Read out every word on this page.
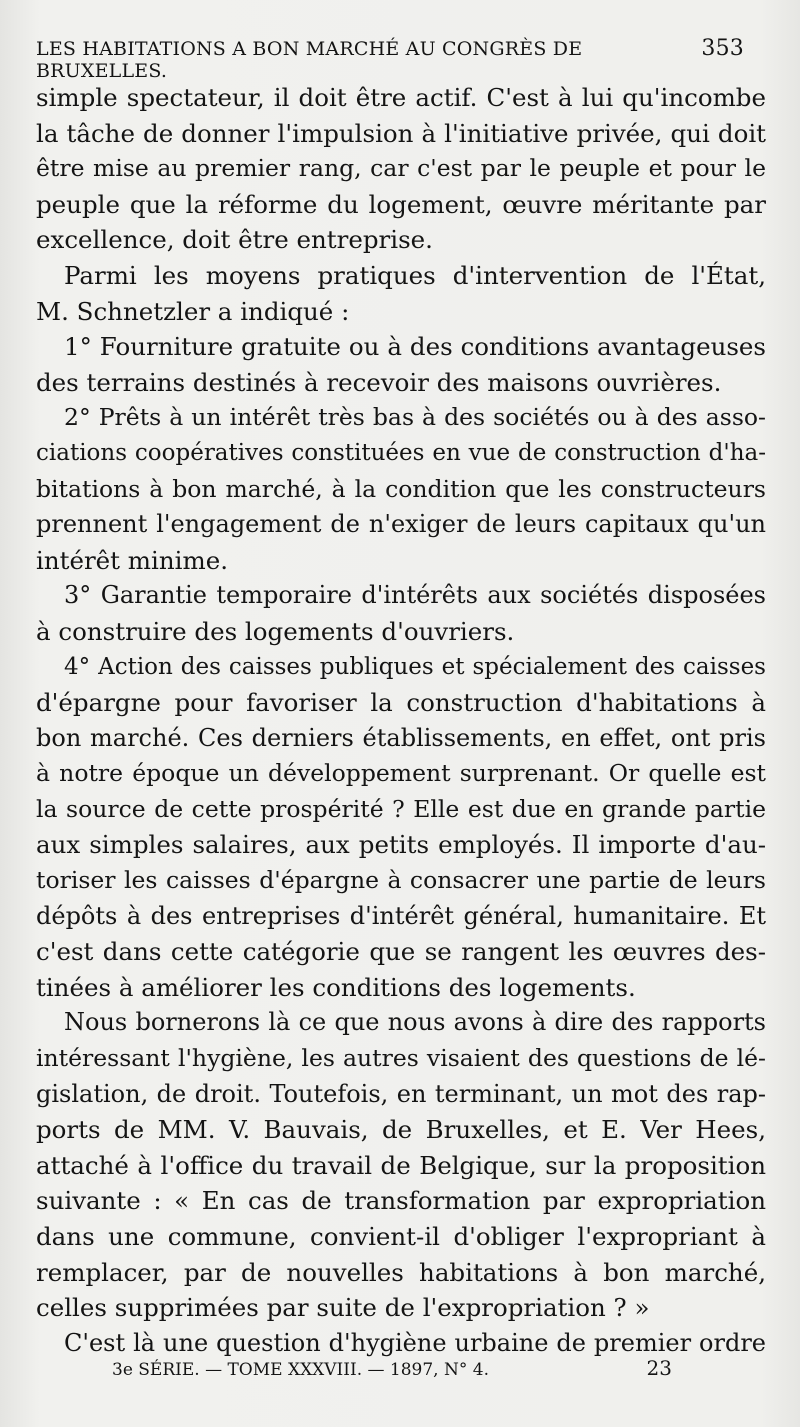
LES HABITATIONS A BON MARCHÉ AU CONGRÈS DE BRUXELLES.
353
simple spectateur, il doit être actif. C'est à lui qu'incombe
la tâche de donner l'impulsion à l'initiative privée, qui doit
être mise au premier rang, car c'est par le peuple et pour le
peuple que la réforme du logement, œuvre méritante par
excellence, doit être entreprise.
Parmi les moyens pratiques d'intervention de l'État,
M. Schnetzler a indiqué :
1° Fourniture gratuite ou à des conditions avantageuses
des terrains destinés à recevoir des maisons ouvrières.
2° Prêts à un intérêt très bas à des sociétés ou à des asso-
ciations coopératives constituées en vue de construction d'ha-
bitations à bon marché, à la condition que les constructeurs
prennent l'engagement de n'exiger de leurs capitaux qu'un
intérêt minime.
3° Garantie temporaire d'intérêts aux sociétés disposées
à construire des logements d'ouvriers.
4° Action des caisses publiques et spécialement des caisses
d'épargne pour favoriser la construction d'habitations à
bon marché. Ces derniers établissements, en effet, ont pris
à notre époque un développement surprenant. Or quelle est
la source de cette prospérité ? Elle est due en grande partie
aux simples salaires, aux petits employés. Il importe d'au-
toriser les caisses d'épargne à consacrer une partie de leurs
dépôts à des entreprises d'intérêt général, humanitaire. Et
c'est dans cette catégorie que se rangent les œuvres des-
tinées à améliorer les conditions des logements.
Nous bornerons là ce que nous avons à dire des rapports
intéressant l'hygiène, les autres visaient des questions de lé-
gislation, de droit. Toutefois, en terminant, un mot des rap-
ports de MM. V. Bauvais, de Bruxelles, et E. Ver Hees,
attaché à l'office du travail de Belgique, sur la proposition
suivante : « En cas de transformation par expropriation
dans une commune, convient-il d'obliger l'expropriant à
remplacer, par de nouvelles habitations à bon marché,
celles supprimées par suite de l'expropriation ? »
C'est là une question d'hygiène urbaine de premier ordre
3e SÉRIE. — TOME XXXVIII. — 1897, N° 4.	23
